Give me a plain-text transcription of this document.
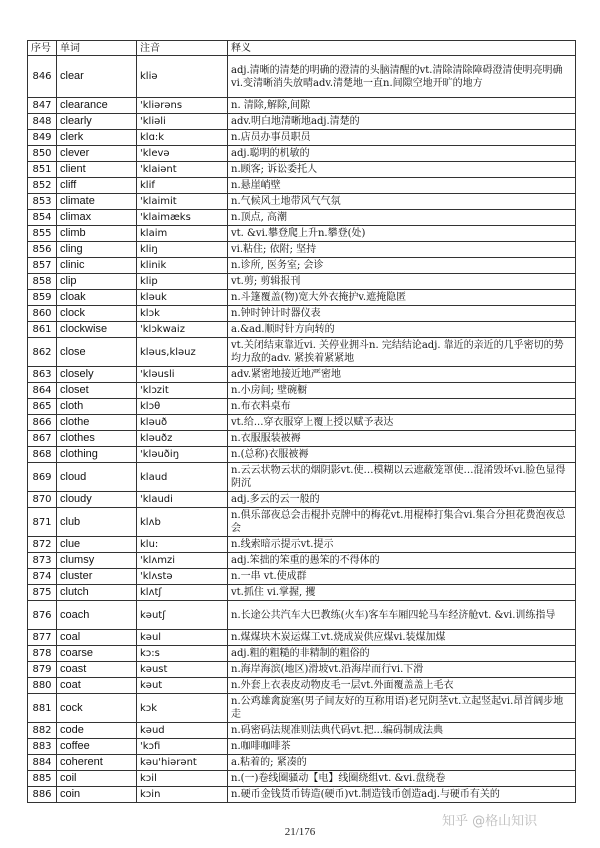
序号	单词	注音	释义
846	clear	kliə	adj.清晰的清楚的明确的澄清的头脑清醒的vt.清除清除障碍澄清使明亮明确vi.变清晰消失放晴adv.清楚地一直n.间隙空地开旷的地方
847	clearance	'kliərəns	n. 清除,解除,间隙
848	clearly	'kliəli	adv.明白地清晰地adj.清楚的
849	clerk	klɑ:k	n.店员办事员职员
850	clever	'klevə	adj.聪明的机敏的
851	client	'klaiənt	n.顾客; 诉讼委托人
852	cliff	klif	n.悬崖峭壁
853	climate	'klaimit	n.气候风土地带风气气氛
854	climax	'klaimæks	n.顶点, 高潮
855	climb	klaim	vt. &vi.攀登爬上升n.攀登(处)
856	cling	kliŋ	vi.粘住; 依附; 坚持
857	clinic	klinik	n.诊所, 医务室; 会诊
858	clip	klip	vt.剪; 剪辑报刊
859	cloak	kləuk	n.斗篷覆盖(物)宽大外衣掩护v.遮掩隐匿
860	clock	klɔk	n.钟时钟计时器仪表
861	clockwise	'klɔkwaiz	a.&ad.顺时针方向转的
862	close	kləus,kləuz	vt.关闭结束靠近vi. 关停业拥斗n. 完结结论adj. 靠近的亲近的几乎密切的势均力敌的adv. 紧挨着紧紧地
863	closely	'kləusli	adv.紧密地接近地严密地
864	closet	'klɔzit	n.小房间; 壁碗橱
865	cloth	klɔθ	n.布衣料桌布
866	clothe	kləuð	vt.给...穿衣服穿上覆上授以赋予表达
867	clothes	kləuðz	n.衣服服装被褥
868	clothing	'kləuðiŋ	n.(总称)衣服被褥
869	cloud	klaud	n.云云状物云状的烟阴影vt.使…模糊以云遮蔽笼罩使…混淆毁坏vi.脸色显得阴沉
870	cloudy	'klaudi	adj.多云的云一般的
871	club	klʌb	n.俱乐部夜总会击棍扑克牌中的梅花vt.用棍棒打集合vi.集合分担花费泡夜总会
872	clue	klu:	n.线索暗示提示vt.提示
873	clumsy	'klʌmzi	adj.笨拙的笨重的愚笨的不得体的
874	cluster	'klʌstə	n.一串 vt.使成群
875	clutch	klʌtʃ	vt.抓住 vi.掌握, 攫
876	coach	kəutʃ	n.长途公共汽车大巴教练(火车)客车车厢四轮马车经济舱vt. &vi.训练指导
877	coal	kəul	n.煤煤块木炭运煤工vt.烧成炭供应煤vi.装煤加煤
878	coarse	kɔ:s	adj.粗的粗糙的非精制的粗俗的
879	coast	kəust	n.海岸海滨(地区)滑坡vt.沿海岸而行vi.下滑
880	coat	kəut	n.外套上衣表皮动物皮毛一层vt.外面覆盖盖上毛衣
881	cock	kɔk	n.公鸡雄禽旋塞(男子间友好的互称用语)老兄阴茎vt.立起竖起vi.昂首阔步地走
882	code	kəud	n.码密码法规准则法典代码vt.把...编码制成法典
883	coffee	'kɔfi	n.咖啡咖啡茶
884	coherent	kəu'hiərənt	a.粘着的; 紧凑的
885	coil	kɔil	n.(一)卷线圈骚动【电】线圈绕组vt. &vi.盘绕卷
886	coin	kɔin	n.硬币金钱货币铸造(硬币)vt.制造钱币创造adj.与硬币有关的
21/176
知乎 @格山知识
